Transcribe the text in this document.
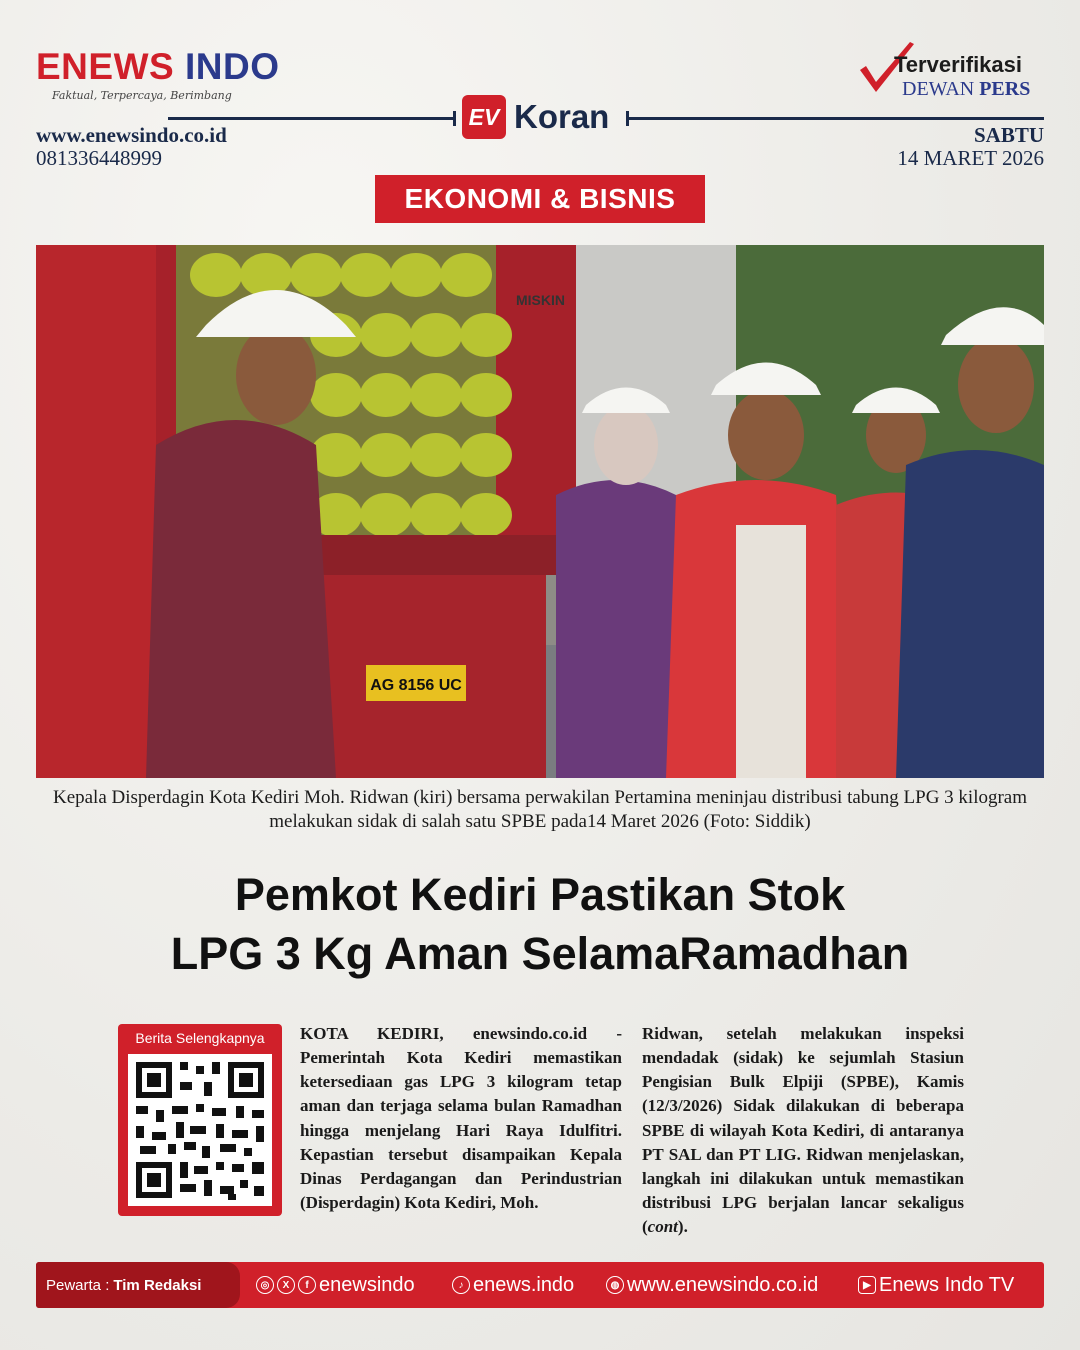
ENEWS INDO
Faktual, Terpercaya, Berimbang
www.enewsindo.co.id
081336448999
Terverifikasi
DEWAN PERS
SABTU
14 MARET 2026
EV Koran
EKONOMI & BISNIS
AG 8156 UC
MISKIN
Kepala Disperdagin Kota Kediri Moh. Ridwan (kiri) bersama perwakilan Pertamina meninjau distribusi tabung LPG 3 kilogram melakukan sidak di salah satu SPBE pada14 Maret 2026 (Foto: Siddik)
Pemkot Kediri Pastikan Stok
LPG 3 Kg Aman SelamaRamadhan
Berita Selengkapnya	KOTA KEDIRI, enewsindo.co.id - Pemerintah Kota Kediri memastikan ketersediaan gas LPG 3 kilogram tetap aman dan terjaga selama bulan Ramadhan hingga menjelang Hari Raya Idulfitri. Kepastian tersebut disampaikan Kepala Dinas Perdagangan dan Perindustrian (Disperdagin) Kota Kediri, Moh.
Ridwan, setelah melakukan inspeksi mendadak (sidak) ke sejumlah Stasiun Pengisian Bulk Elpiji (SPBE), Kamis (12/3/2026) Sidak dilakukan di beberapa SPBE di wilayah Kota Kediri, di antaranya PT SAL dan PT LIG. Ridwan menjelaskan, langkah ini dilakukan untuk memastikan distribusi LPG berjalan lancar sekaligus (cont).
Pewarta : Tim Redaksi	◎	X	f enewsindo	♪ enews.indo	◍ www.enewsindo.co.id	▶ Enews Indo TV
